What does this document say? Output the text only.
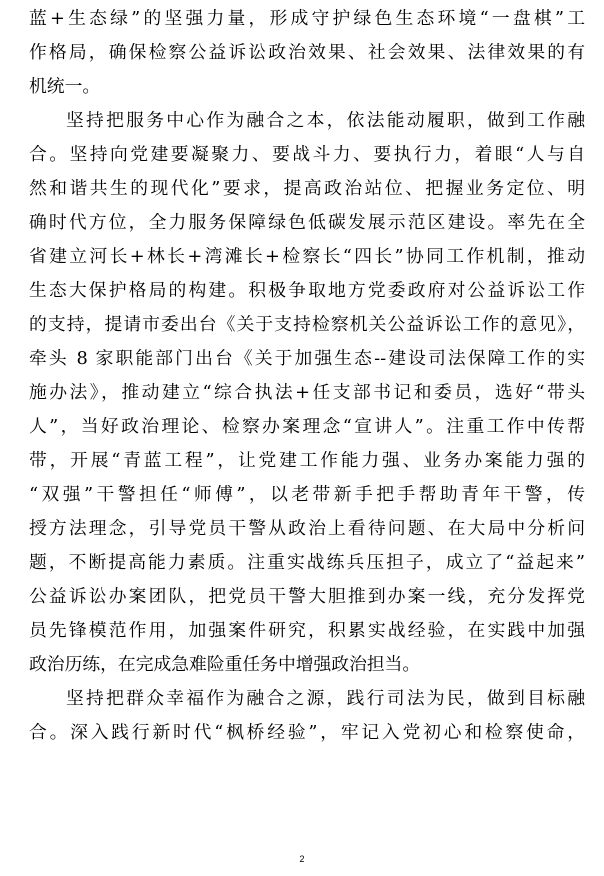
蓝+生态绿”的坚强力量，形成守护绿色生态环境“一盘棋”工
作格局，确保检察公益诉讼政治效果、社会效果、法律效果的有
机统一。
坚持把服务中心作为融合之本，依法能动履职，做到工作融
合。坚持向党建要凝聚力、要战斗力、要执行力，着眼“人与自
然和谐共生的现代化”要求，提高政治站位、把握业务定位、明
确时代方位，全力服务保障绿色低碳发展示范区建设。率先在全
省建立河长+林长+湾滩长+检察长“四长”协同工作机制，推动
生态大保护格局的构建。积极争取地方党委政府对公益诉讼工作
的支持，提请市委出台《关于支持检察机关公益诉讼工作的意见》，
牵头 8 家职能部门出台《关于加强生态--建设司法保障工作的实
施办法》，推动建立“综合执法+任支部书记和委员，选好“带头
人”，当好政治理论、检察办案理念“宣讲人”。注重工作中传帮
带，开展“青蓝工程”，让党建工作能力强、业务办案能力强的
“双强”干警担任“师傅”，以老带新手把手帮助青年干警，传
授方法理念，引导党员干警从政治上看待问题、在大局中分析问
题，不断提高能力素质。注重实战练兵压担子，成立了“益起来”
公益诉讼办案团队，把党员干警大胆推到办案一线，充分发挥党
员先锋模范作用，加强案件研究，积累实战经验，在实践中加强
政治历练，在完成急难险重任务中增强政治担当。
坚持把群众幸福作为融合之源，践行司法为民，做到目标融
合。深入践行新时代“枫桥经验”，牢记入党初心和检察使命，
2
